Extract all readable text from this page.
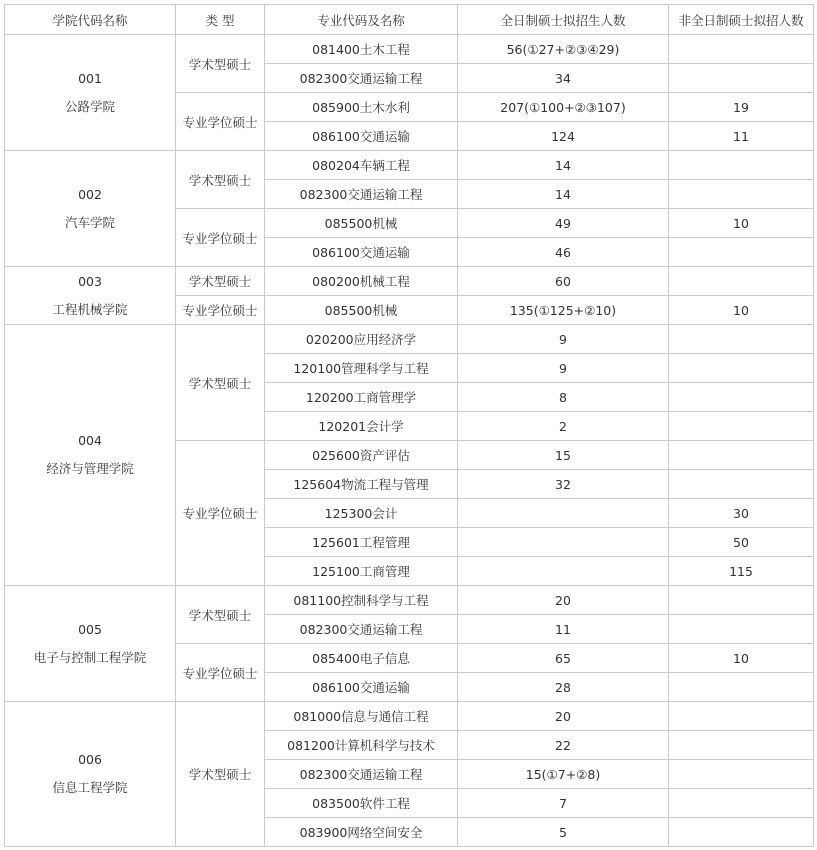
学院代码名称	类 型	专业代码及名称	全日制硕士拟招生人数	非全日制硕士拟招人数

001
公路学院	学术型硕士	081400土木工程	56(①27+②③④29)	
		082300交通运输工程	34	
	专业学位硕士	085900土木水利	207(①100+②③107)	19
		086100交通运输	124	11

002
汽车学院	学术型硕士	080204车辆工程	14	
		082300交通运输工程	14	
	专业学位硕士	085500机械	49	10
		086100交通运输	46	

003
工程机械学院	学术型硕士	080200机械工程	60	
	专业学位硕士	085500机械	135(①125+②10)	10

004
经济与管理学院	学术型硕士	020200应用经济学	9	
		120100管理科学与工程	9	
		120200工商管理学	8	
		120201会计学	2	
	专业学位硕士	025600资产评估	15	
		125604物流工程与管理	32	
		125300会计		30
		125601工程管理		50
		125100工商管理		115

005
电子与控制工程学院	学术型硕士	081100控制科学与工程	20	
		082300交通运输工程	11	
	专业学位硕士	085400电子信息	65	10
		086100交通运输	28	

006
信息工程学院	学术型硕士	081000信息与通信工程	20	
		081200计算机科学与技术	22	
		082300交通运输工程	15(①7+②8)	
		083500软件工程	7	
		083900网络空间安全	5	
